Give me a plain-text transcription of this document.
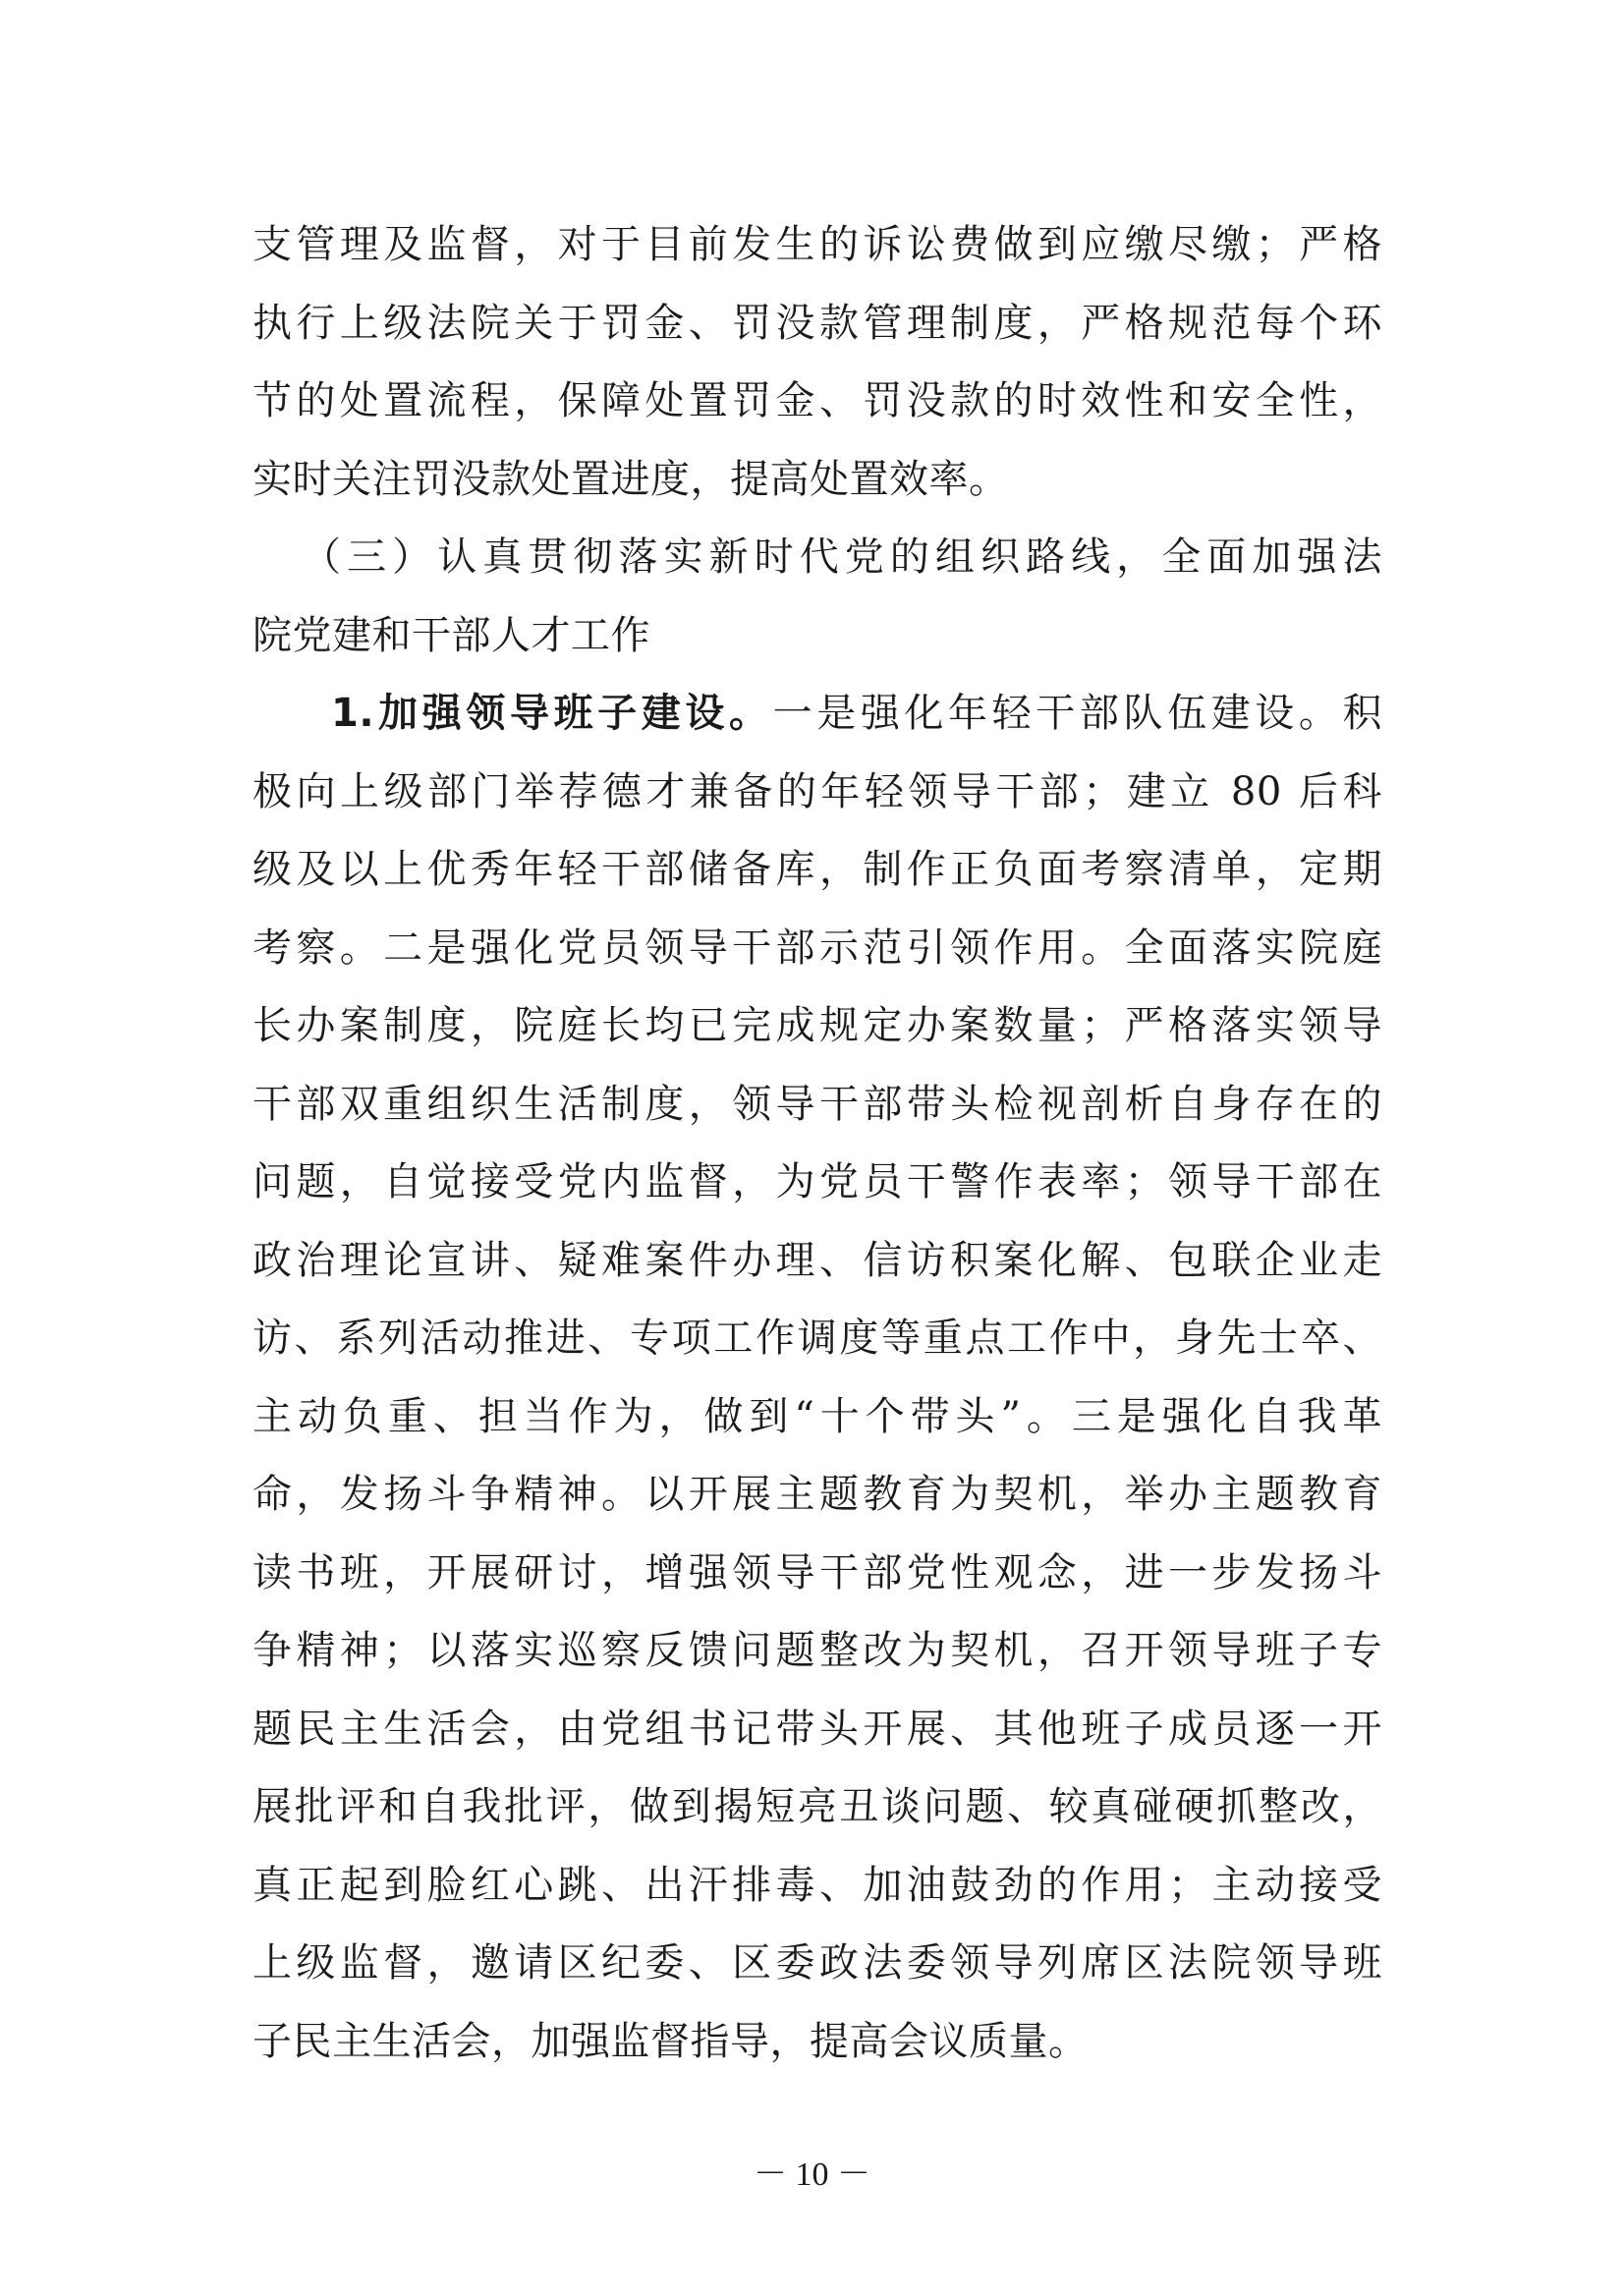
支管理及监督，对于目前发生的诉讼费做到应缴尽缴；严格
执行上级法院关于罚金、罚没款管理制度，严格规范每个环
节的处置流程，保障处置罚金、罚没款的时效性和安全性，
实时关注罚没款处置进度，提高处置效率。
（三）认真贯彻落实新时代党的组织路线，全面加强法
院党建和干部人才工作
1.加强领导班子建设。一是强化年轻干部队伍建设。积
极向上级部门举荐德才兼备的年轻领导干部；建立 80 后科
级及以上优秀年轻干部储备库，制作正负面考察清单，定期
考察。二是强化党员领导干部示范引领作用。全面落实院庭
长办案制度，院庭长均已完成规定办案数量；严格落实领导
干部双重组织生活制度，领导干部带头检视剖析自身存在的
问题，自觉接受党内监督，为党员干警作表率；领导干部在
政治理论宣讲、疑难案件办理、信访积案化解、包联企业走
访、系列活动推进、专项工作调度等重点工作中，身先士卒、
主动负重、担当作为，做到“十个带头”。三是强化自我革
命，发扬斗争精神。以开展主题教育为契机，举办主题教育
读书班，开展研讨，增强领导干部党性观念，进一步发扬斗
争精神；以落实巡察反馈问题整改为契机，召开领导班子专
题民主生活会，由党组书记带头开展、其他班子成员逐一开
展批评和自我批评，做到揭短亮丑谈问题、较真碰硬抓整改，
真正起到脸红心跳、出汗排毒、加油鼓劲的作用；主动接受
上级监督，邀请区纪委、区委政法委领导列席区法院领导班
子民主生活会，加强监督指导，提高会议质量。
－ 10 －
